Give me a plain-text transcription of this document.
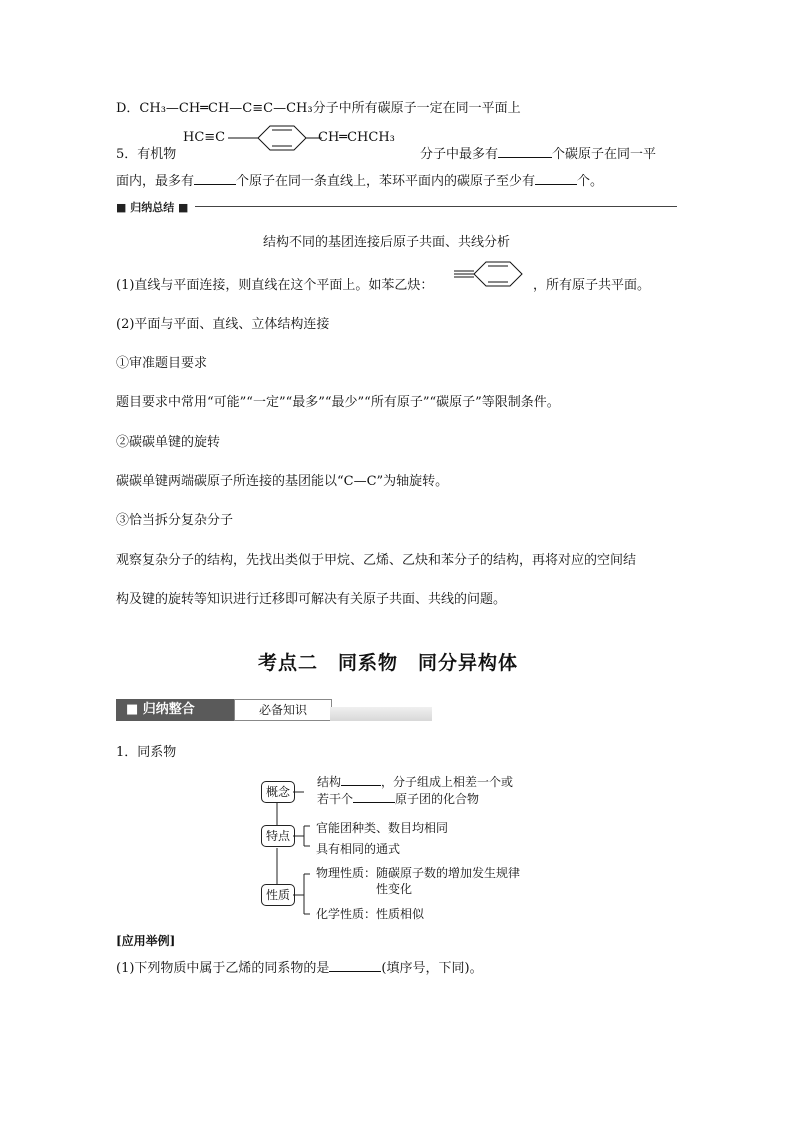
D．CH₃—CH═CH—C≡C—CH₃分子中所有碳原子一定在同一平面上
5．有机物
HC≡C	CH═CHCH₃
分子中最多有	个碳原子在同一平
面内，最多有	个原子在同一条直线上，苯环平面内的碳原子至少有	个。
■ 归纳总结 ■
结构不同的基团连接后原子共面、共线分析
(1)直线与平面连接，则直线在这个平面上。如苯乙炔：	，所有原子共平面。
(2)平面与平面、直线、立体结构连接
①审准题目要求
题目要求中常用“可能”“一定”“最多”“最少”“所有原子”“碳原子”等限制条件。
②碳碳单键的旋转
碳碳单键两端碳原子所连接的基团能以“C—C”为轴旋转。
③恰当拆分复杂分子
观察复杂分子的结构，先找出类似于甲烷、乙烯、乙炔和苯分子的结构，再将对应的空间结
构及键的旋转等知识进行迁移即可解决有关原子共面、共线的问题。
考点二　同系物　同分异构体
■ 归纳整合	必备知识
1．同系物
概念
特点
性质
结构	，分子组成上相差一个或
若干个	原子团的化合物
官能团种类、数目均相同
具有相同的通式
物理性质：随碳原子数的增加发生规律
性变化
化学性质：性质相似
[应用举例]
(1)下列物质中属于乙烯的同系物的是	(填序号，下同)。
